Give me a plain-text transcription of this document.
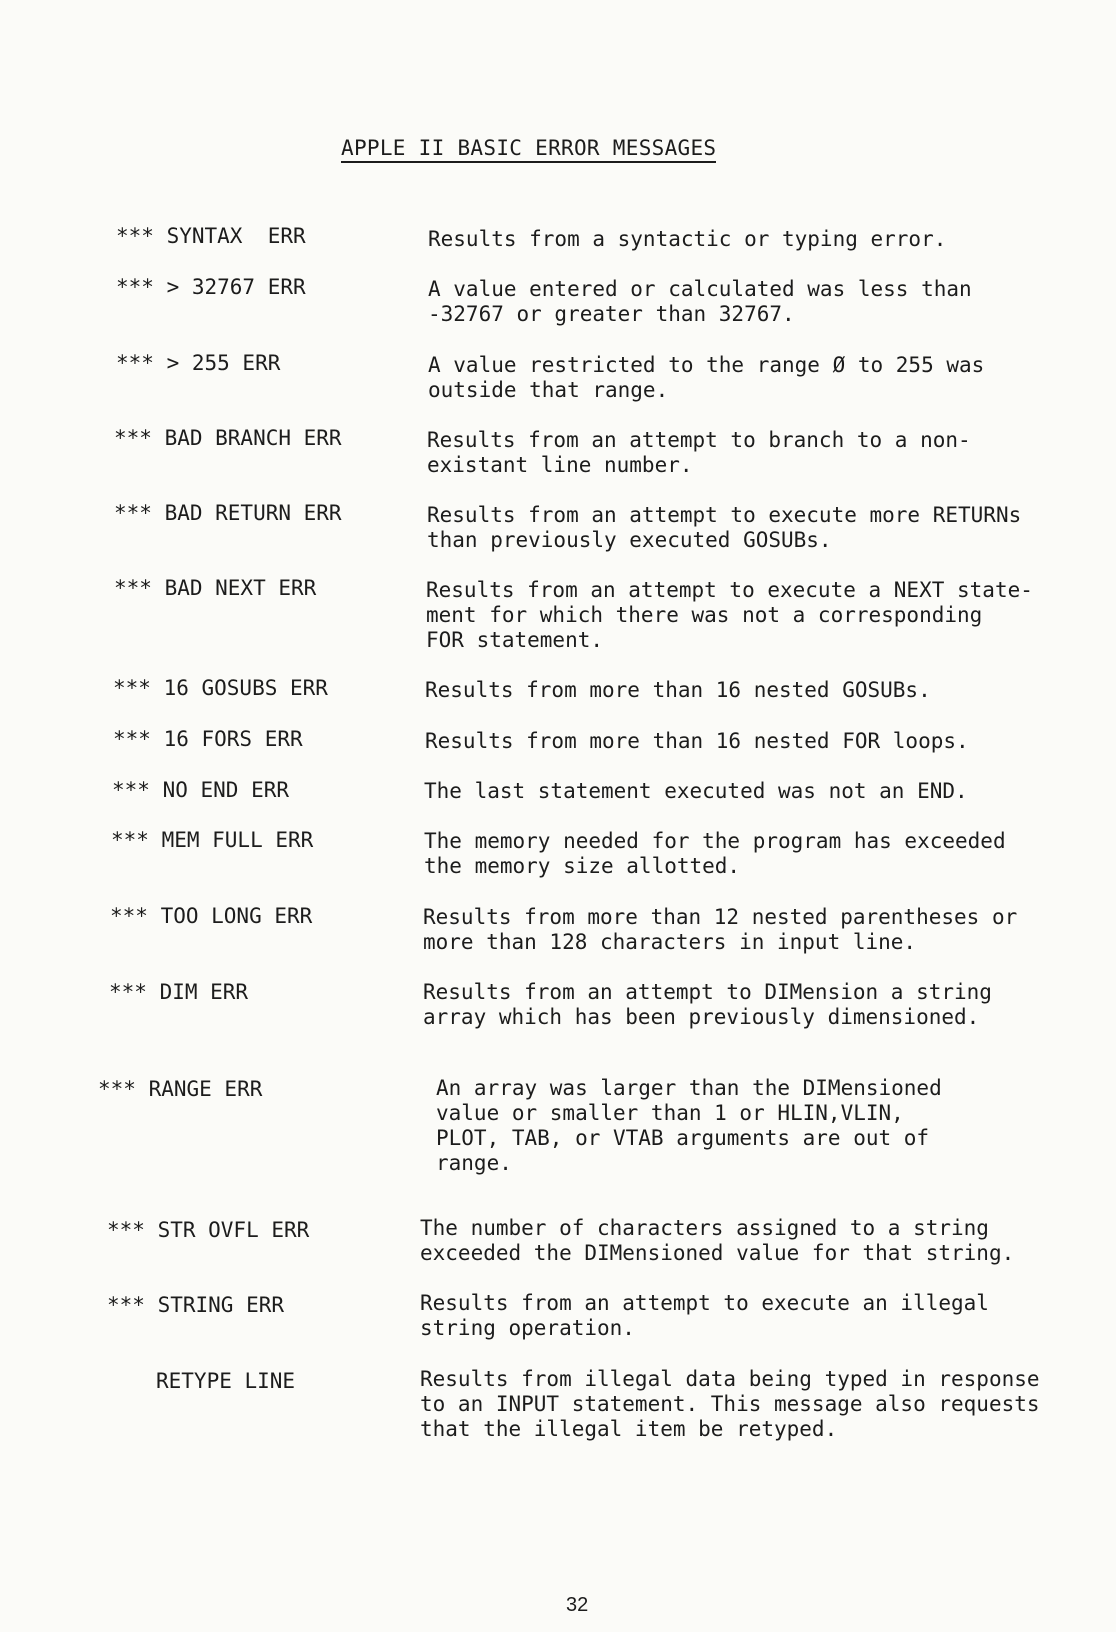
APPLE II BASIC ERROR MESSAGES
*** SYNTAX  ERR	Results from a syntactic or typing error.
*** > 32767 ERR	A value entered or calculated was less than
-32767 or greater than 32767.
*** > 255 ERR	A value restricted to the range Ø to 255 was
outside that range.
*** BAD BRANCH ERR	Results from an attempt to branch to a non-
existant line number.
*** BAD RETURN ERR	Results from an attempt to execute more RETURNs
than previously executed GOSUBs.
*** BAD NEXT ERR	Results from an attempt to execute a NEXT state-
ment for which there was not a corresponding
FOR statement.
*** 16 GOSUBS ERR	Results from more than 16 nested GOSUBs.
*** 16 FORS ERR	Results from more than 16 nested FOR loops.
*** NO END ERR	The last statement executed was not an END.
*** MEM FULL ERR	The memory needed for the program has exceeded
the memory size allotted.
*** TOO LONG ERR	Results from more than 12 nested parentheses or
more than 128 characters in input line.
*** DIM ERR	Results from an attempt to DIMension a string
array which has been previously dimensioned.
*** RANGE ERR	An array was larger than the DIMensioned
value or smaller than 1 or HLIN,VLIN,
PLOT, TAB, or VTAB arguments are out of
range.
*** STR OVFL ERR	The number of characters assigned to a string
exceeded the DIMensioned value for that string.
*** STRING ERR	Results from an attempt to execute an illegal
string operation.
RETYPE LINE	Results from illegal data being typed in response
to an INPUT statement. This message also requests
that the illegal item be retyped.
32
